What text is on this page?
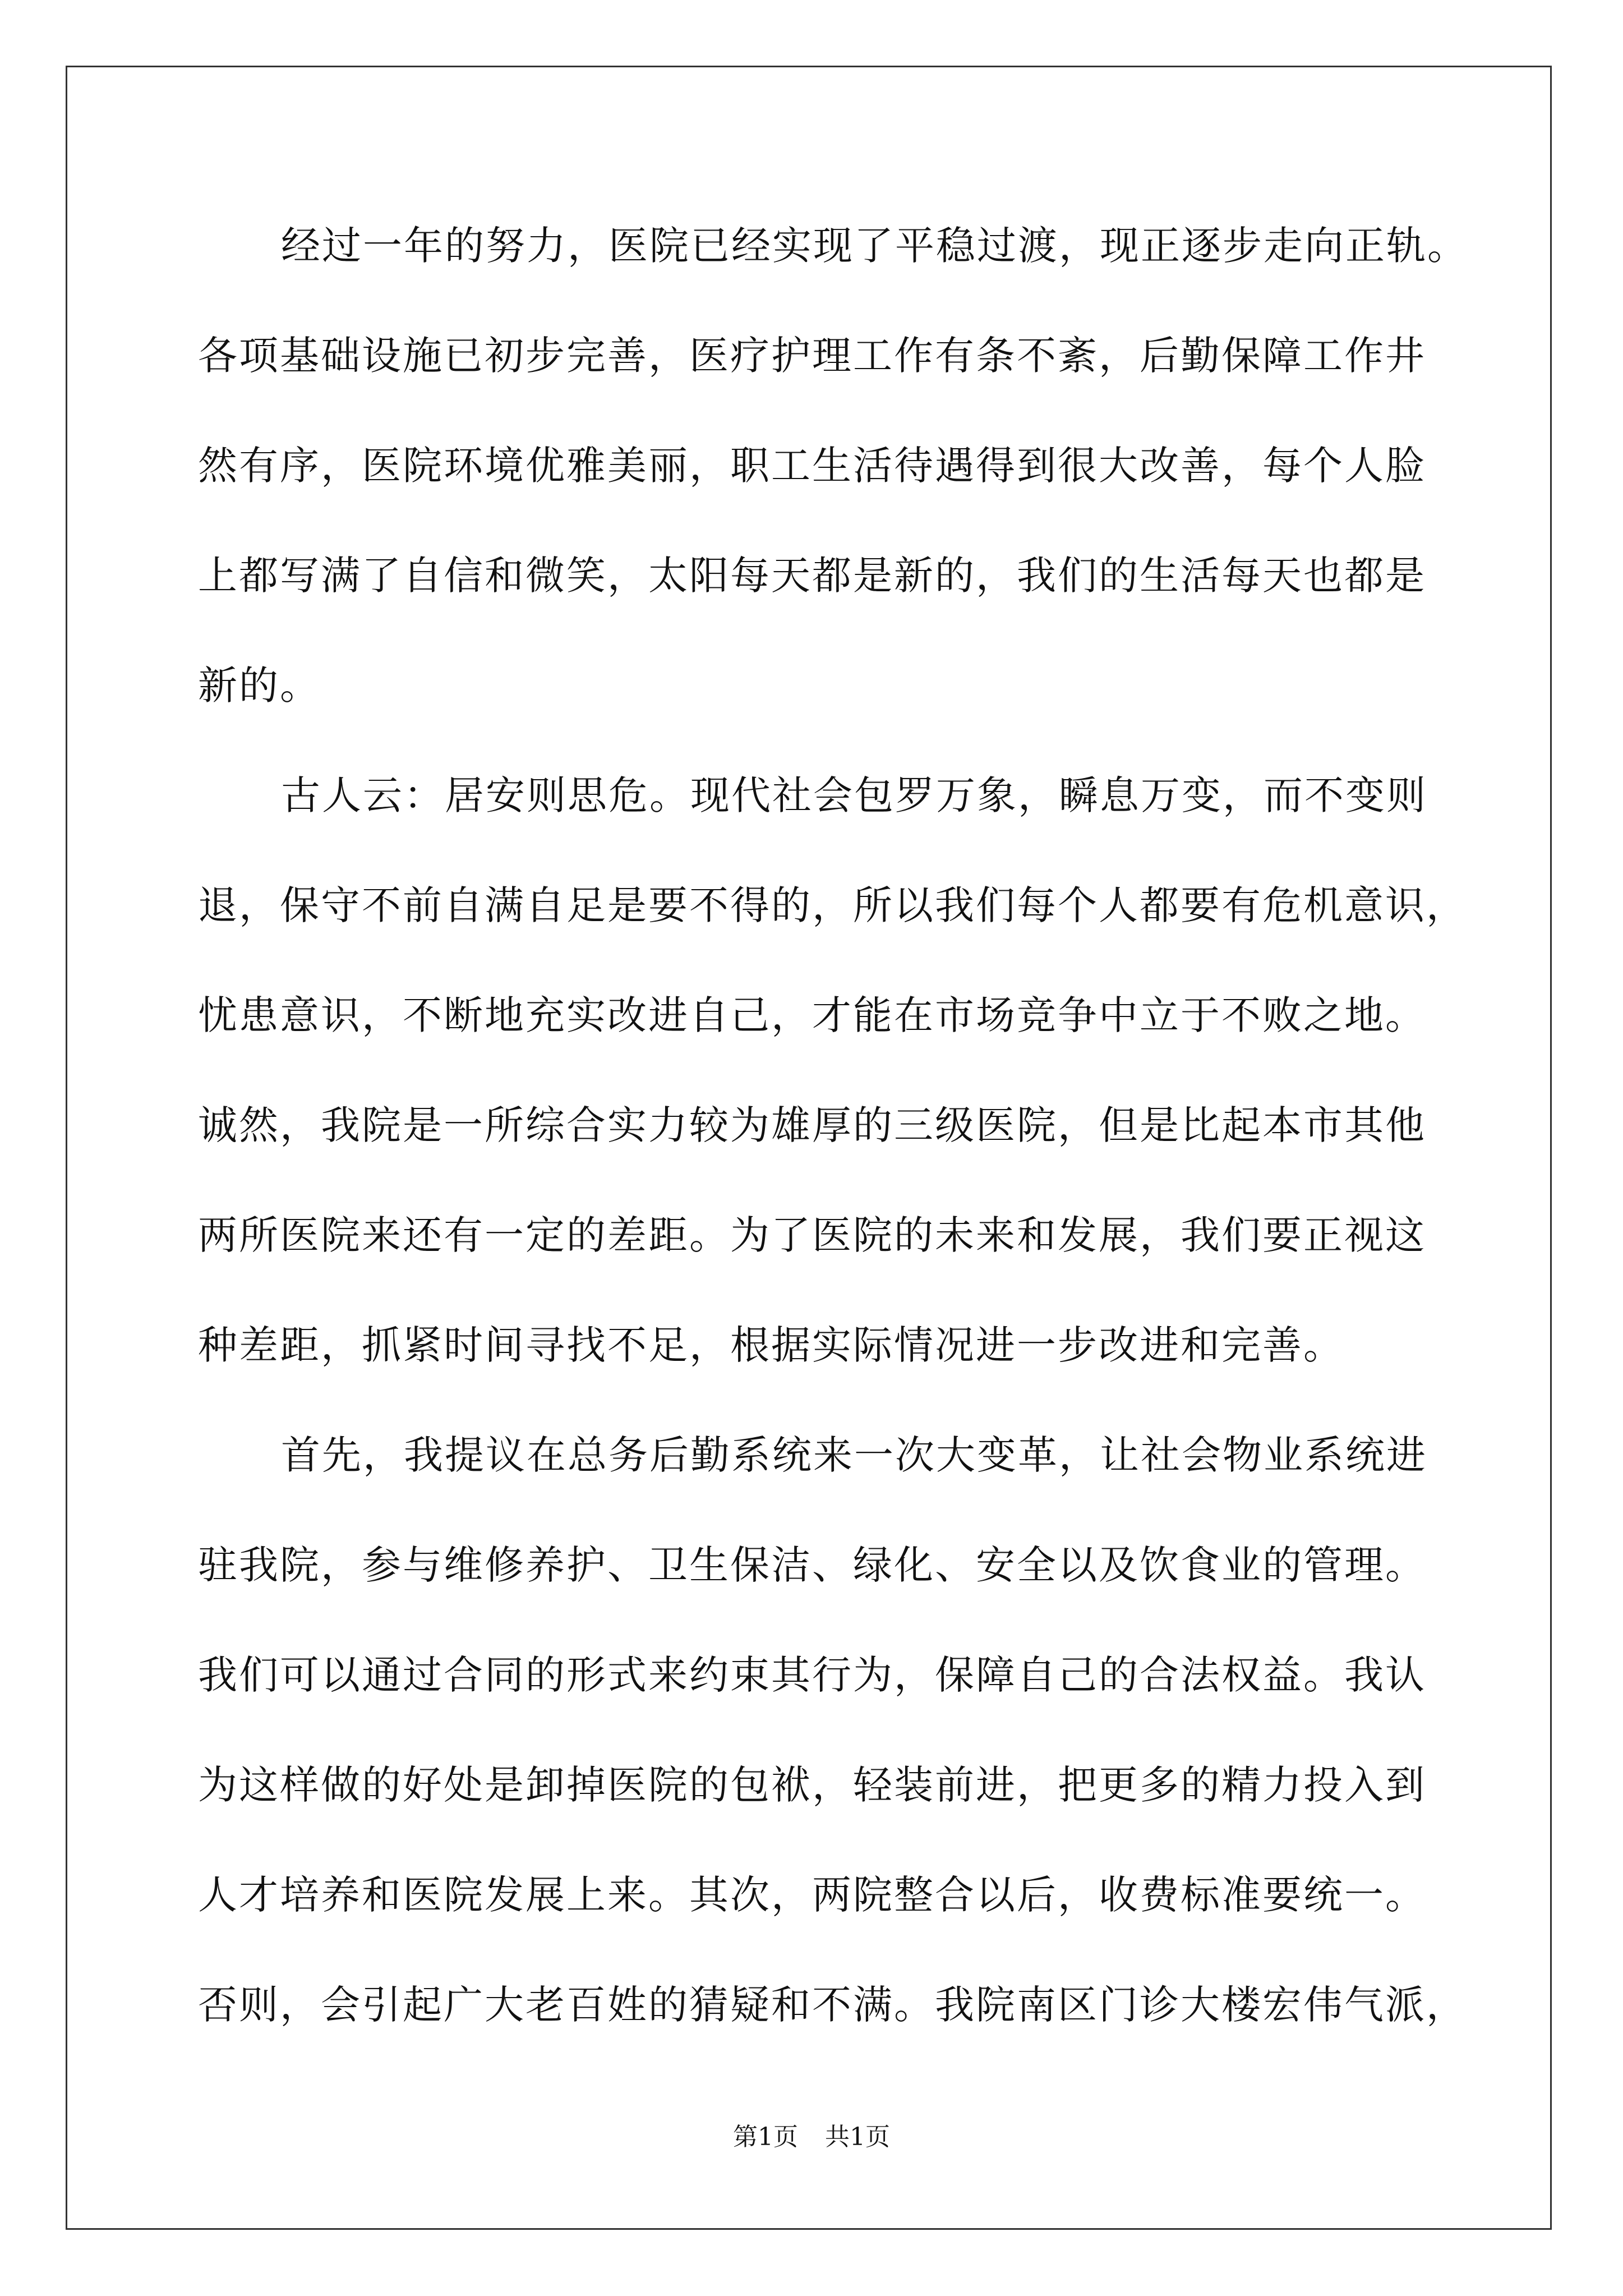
经过一年的努力，医院已经实现了平稳过渡，现正逐步走向正轨。
各项基础设施已初步完善，医疗护理工作有条不紊，后勤保障工作井
然有序，医院环境优雅美丽，职工生活待遇得到很大改善，每个人脸
上都写满了自信和微笑，太阳每天都是新的，我们的生活每天也都是
新的。
古人云：居安则思危。现代社会包罗万象，瞬息万变，而不变则
退，保守不前自满自足是要不得的，所以我们每个人都要有危机意识，
忧患意识，不断地充实改进自己，才能在市场竞争中立于不败之地。
诚然，我院是一所综合实力较为雄厚的三级医院，但是比起本市其他
两所医院来还有一定的差距。为了医院的未来和发展，我们要正视这
种差距，抓紧时间寻找不足，根据实际情况进一步改进和完善。
首先，我提议在总务后勤系统来一次大变革，让社会物业系统进
驻我院，参与维修养护、卫生保洁、绿化、安全以及饮食业的管理。
我们可以通过合同的形式来约束其行为，保障自己的合法权益。我认
为这样做的好处是卸掉医院的包袱，轻装前进，把更多的精力投入到
人才培养和医院发展上来。其次，两院整合以后，收费标准要统一。
否则，会引起广大老百姓的猜疑和不满。我院南区门诊大楼宏伟气派，
第1页 共1页
